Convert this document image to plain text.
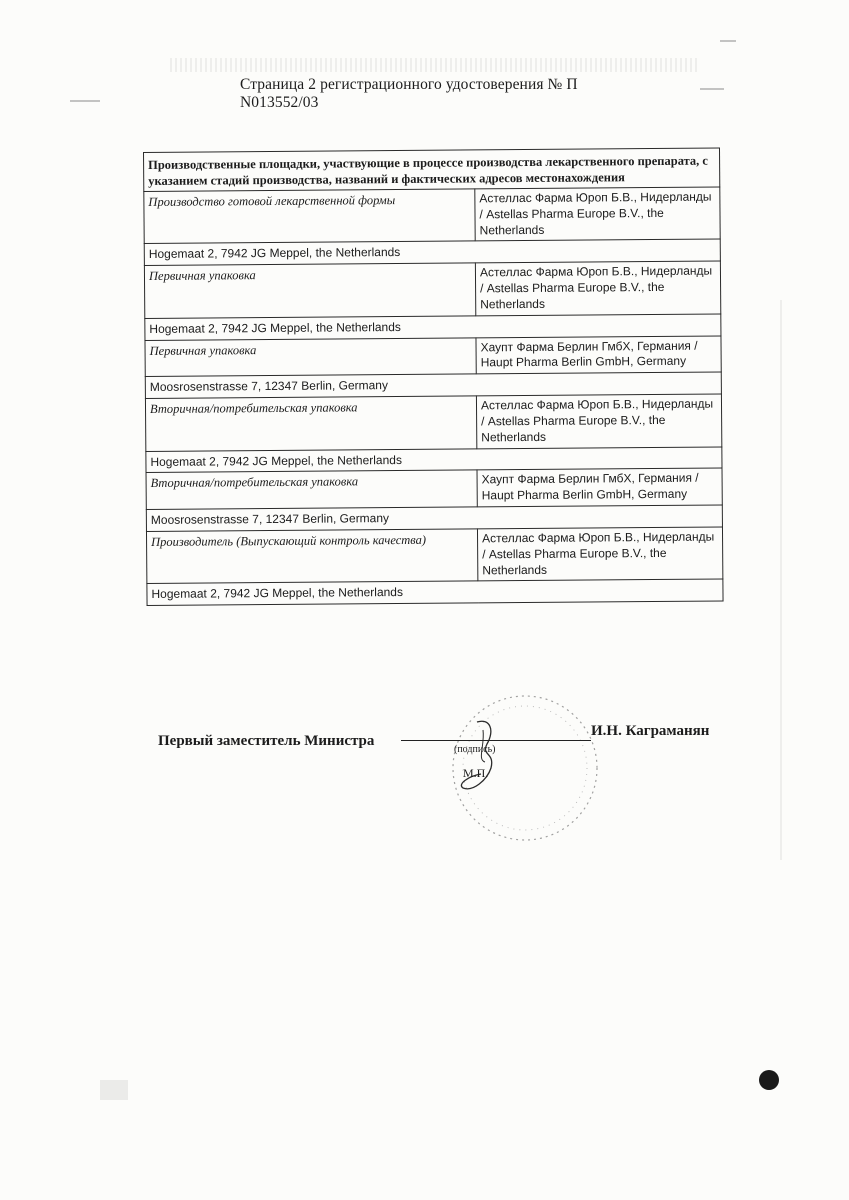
Страница 2 регистрационного удостоверения № П N013552/03
Производственные площадки, участвующие в процессе производства лекарственного препарата, с указанием стадий производства, названий и фактических адресов местонахождения	
Производство готовой лекарственной формы	Астеллас Фарма Юроп Б.В., Нидерланды / Astellas Pharma Europe B.V., the Netherlands
Hogemaat 2, 7942 JG Meppel, the Netherlands	
Первичная упаковка	Астеллас Фарма Юроп Б.В., Нидерланды / Astellas Pharma Europe B.V., the Netherlands
Hogemaat 2, 7942 JG Meppel, the Netherlands	
Первичная упаковка	Хаупт Фарма Берлин ГмбХ, Германия / Haupt Pharma Berlin GmbH, Germany
Moosrosenstrasse 7, 12347 Berlin, Germany	
Вторичная/потребительская упаковка	Астеллас Фарма Юроп Б.В., Нидерланды / Astellas Pharma Europe B.V., the Netherlands
Hogemaat 2, 7942 JG Meppel, the Netherlands	
Вторичная/потребительская упаковка	Хаупт Фарма Берлин ГмбХ, Германия / Haupt Pharma Berlin GmbH, Germany
Moosrosenstrasse 7, 12347 Berlin, Germany	
Производитель (Выпускающий контроль качества)	Астеллас Фарма Юроп Б.В., Нидерланды / Astellas Pharma Europe B.V., the Netherlands
Hogemaat 2, 7942 JG Meppel, the Netherlands	
Первый заместитель Министра
И.Н. Каграманян
(подпись)
М.П.
